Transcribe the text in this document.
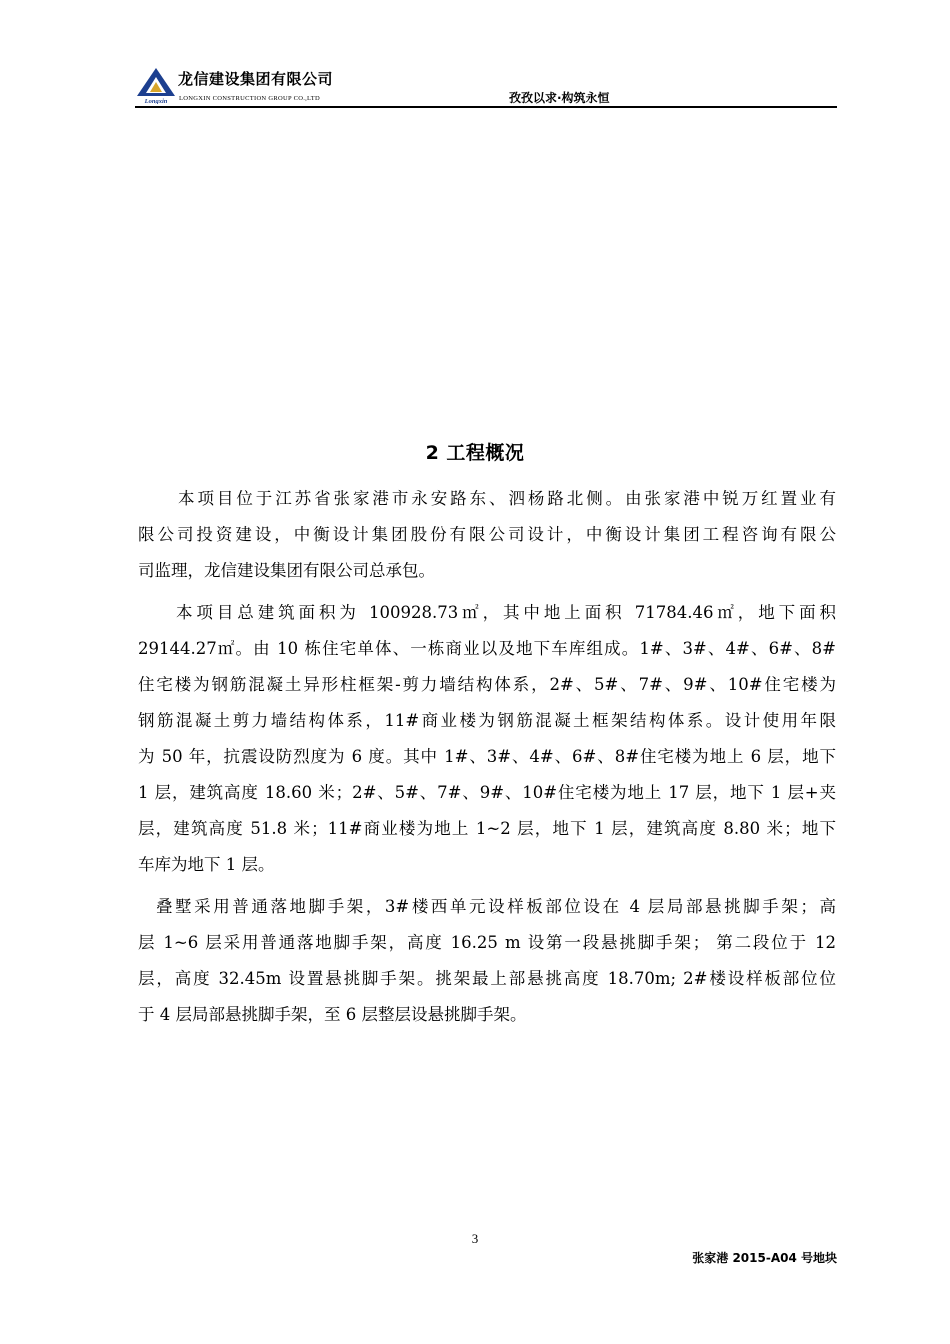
Longxin
龙信建设集团有限公司
LONGXIN CONSTRUCTION GROUP CO.,LTD	孜孜以求·构筑永恒
2 工程概况
本项目位于江苏省张家港市永安路东、泗杨路北侧。由张家港中锐万红置业有
限公司投资建设，中衡设计集团股份有限公司设计，中衡设计集团工程咨询有限公
司监理，龙信建设集团有限公司总承包。
本项目总建筑面积为 100928.73㎡，其中地上面积 71784.46㎡，地下面积
29144.27㎡。由 10 栋住宅单体、一栋商业以及地下车库组成。1#、3#、4#、6#、8#
住宅楼为钢筋混凝土异形柱框架-剪力墙结构体系，2#、5#、7#、9#、10#住宅楼为
钢筋混凝土剪力墙结构体系，11#商业楼为钢筋混凝土框架结构体系。设计使用年限
为 50 年，抗震设防烈度为 6 度。其中 1#、3#、4#、6#、8#住宅楼为地上 6 层，地下
1 层，建筑高度 18.60 米；2#、5#、7#、9#、10#住宅楼为地上 17 层，地下 1 层+夹
层，建筑高度 51.8 米；11#商业楼为地上 1~2 层，地下 1 层，建筑高度 8.80 米；地下
车库为地下 1 层。
叠墅采用普通落地脚手架，3#楼西单元设样板部位设在 4 层局部悬挑脚手架；高
层 1~6 层采用普通落地脚手架，高度 16.25 m 设第一段悬挑脚手架； 第二段位于 12
层，高度 32.45m 设置悬挑脚手架。挑架最上部悬挑高度 18.70m; 2#楼设样板部位位
于 4 层局部悬挑脚手架，至 6 层整层设悬挑脚手架。
3
张家港 2015-A04 号地块
